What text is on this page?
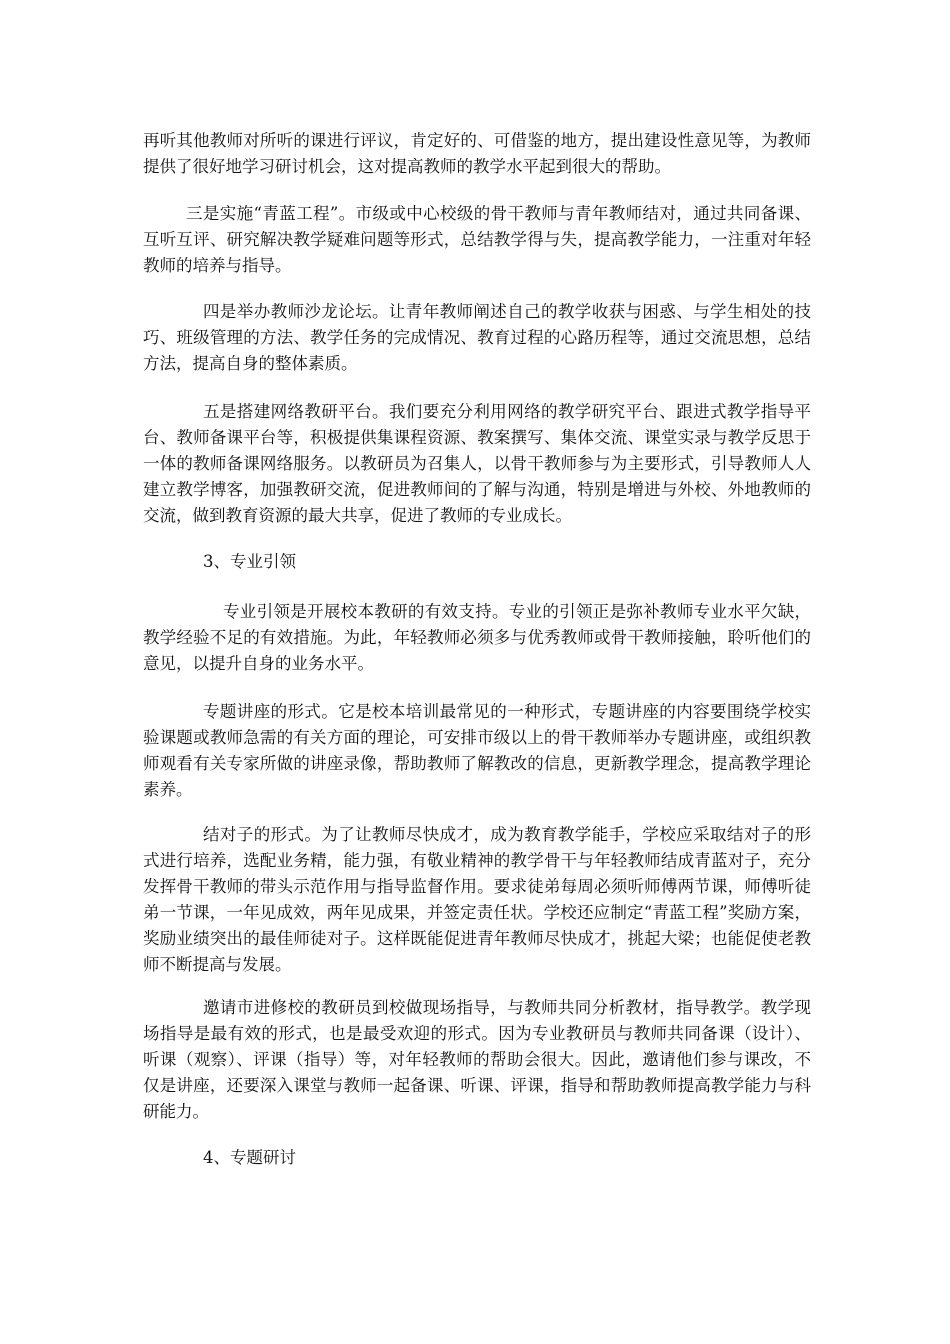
再听其他教师对所听的课进行评议，肯定好的、可借鉴的地方，提出建设性意见等，为教师提供了很好地学习研讨机会，这对提高教师的教学水平起到很大的帮助。

三是实施“青蓝工程”。市级或中心校级的骨干教师与青年教师结对，通过共同备课、互听互评、研究解决教学疑难问题等形式，总结教学得与失，提高教学能力，一注重对年轻教师的培养与指导。

四是举办教师沙龙论坛。让青年教师阐述自己的教学收获与困惑、与学生相处的技巧、班级管理的方法、教学任务的完成情况、教育过程的心路历程等，通过交流思想，总结方法，提高自身的整体素质。

五是搭建网络教研平台。我们要充分利用网络的教学研究平台、跟进式教学指导平台、教师备课平台等，积极提供集课程资源、教案撰写、集体交流、课堂实录与教学反思于一体的教师备课网络服务。以教研员为召集人，以骨干教师参与为主要形式，引导教师人人建立教学博客，加强教研交流，促进教师间的了解与沟通，特别是增进与外校、外地教师的交流，做到教育资源的最大共享，促进了教师的专业成长。

3、专业引领

专业引领是开展校本教研的有效支持。专业的引领正是弥补教师专业水平欠缺，教学经验不足的有效措施。为此，年轻教师必须多与优秀教师或骨干教师接触，聆听他们的意见，以提升自身的业务水平。

专题讲座的形式。它是校本培训最常见的一种形式，专题讲座的内容要围绕学校实验课题或教师急需的有关方面的理论，可安排市级以上的骨干教师举办专题讲座，或组织教师观看有关专家所做的讲座录像，帮助教师了解教改的信息，更新教学理念，提高教学理论素养。

结对子的形式。为了让教师尽快成才，成为教育教学能手，学校应采取结对子的形式进行培养，选配业务精，能力强，有敬业精神的教学骨干与年轻教师结成青蓝对子，充分发挥骨干教师的带头示范作用与指导监督作用。要求徒弟每周必须听师傅两节课，师傅听徒弟一节课，一年见成效，两年见成果，并签定责任状。学校还应制定“青蓝工程”奖励方案，奖励业绩突出的最佳师徒对子。这样既能促进青年教师尽快成才，挑起大梁；也能促使老教师不断提高与发展。

邀请市进修校的教研员到校做现场指导，与教师共同分析教材，指导教学。教学现场指导是最有效的形式，也是最受欢迎的形式。因为专业教研员与教师共同备课（设计）、听课（观察）、评课（指导）等，对年轻教师的帮助会很大。因此，邀请他们参与课改，不仅是讲座，还要深入课堂与教师一起备课、听课、评课，指导和帮助教师提高教学能力与科研能力。

4、专题研讨
